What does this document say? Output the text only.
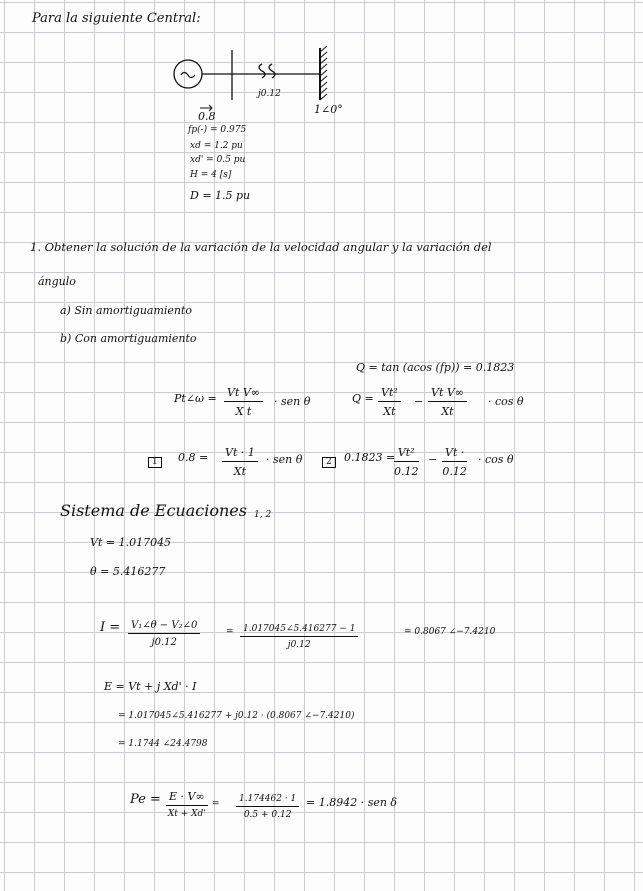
Para la siguiente Central:
j0.12
1∠0°
0.8
fp(-) = 0.975
xd = 1.2 pu
xd' = 0.5 pu
H = 4 [s]
D = 1.5 pu
1. Obtener la solución de la variación de la velocidad angular y la variación del
ángulo
a) Sin amortiguamiento
b) Con amortiguamiento
Q = tan (acos (fp)) = 0.1823
Pt∠ω = $\frac{\text{Vt V∞}}{\text{X t}}$ · sen θ	$Q = \frac{\text{Vt²}}{Xt} - \frac{\text{Vt V∞}}{Xt} \cdot \cos \theta$
1	$0.8 = \frac{Vt \cdot 1}{Xt}$ · sen θ	2	0.1823 =
$\frac{\text{Vt²}}{0.12} - \frac{Vt \cdot}{0.12} \cdot \cos \theta$
Sistema de Ecuaciones 1, 2
Vt = 1.017045
θ = 5.416277
$I = \frac{\text{V₁∠θ − V₂∠0}}{j0.12}$	= $\frac{1.017045\angle 5.416277 - 1}{j0.12}$	= 0.8067 ∠−7.4210
E = Vt + j Xd' · I
= 1.017045∠5.416277 + j0.12 · (0.8067 ∠−7.4210)
= 1.1744 ∠24.4798
Pe = E · V∞
Xt + Xd'
= $\frac{1.174462 \cdot 1}{0.5 + 0.12} = 1.8942$ · sen δ
